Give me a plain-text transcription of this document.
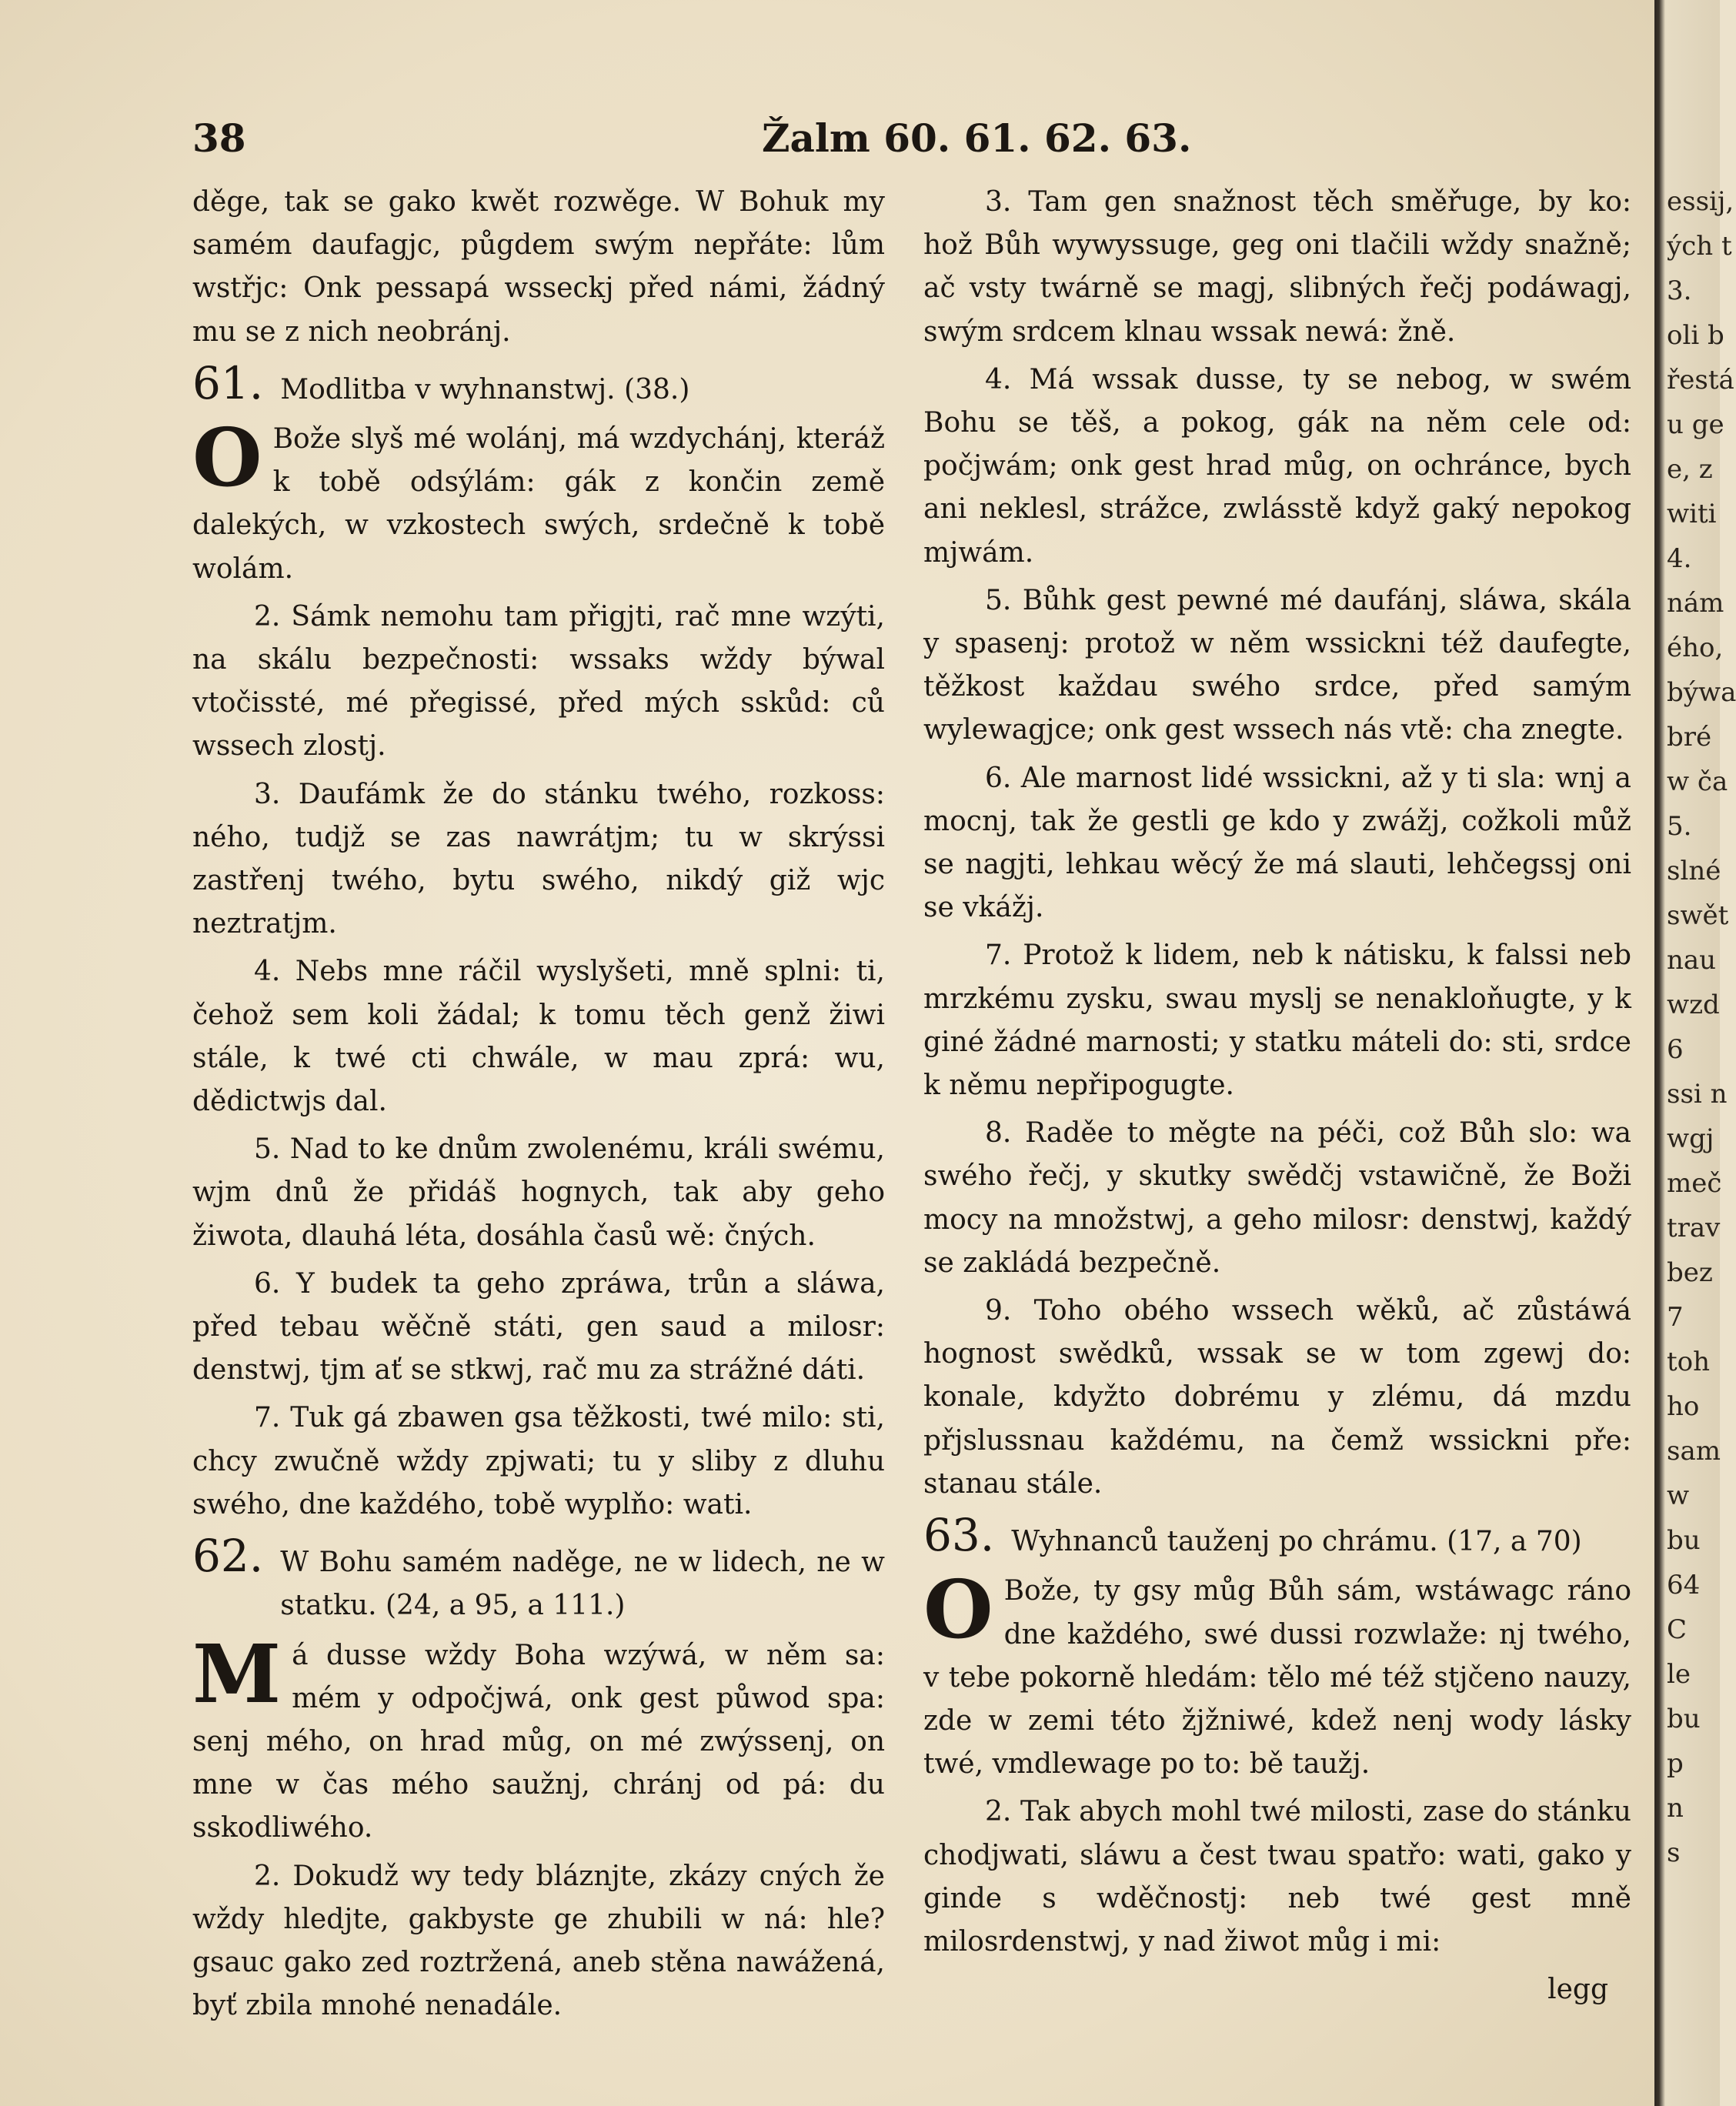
38	Žalm 60. 61. 62. 63.

děge, tak se gako kwět rozwěge. W Bohuk my samém daufagjc, půgdem swým nepřáte: lům wstřjc: Onk pessapá wsseckj před námi, žádný mu se z nich neobránj.

61. Modlitba v wyhnanstwj. (38.)

O Bože slyš mé wolánj, má wzdychánj, kteráž k tobě odsýlám: gák z končin země dalekých, w vzkostech swých, srdečně k tobě wolám.

2. Sámk nemohu tam přigjti, rač mne wzýti, na skálu bezpečnosti: wssaks wždy býwal vtočissté, mé přegissé, před mých sskůd: ců wssech zlostj.

3. Daufámk že do stánku twého, rozkoss: ného, tudjž se zas nawrátjm; tu w skrýssi zastřenj twého, bytu swého, nikdý giž wjc neztratjm.

4. Nebs mne ráčil wyslyšeti, mně splni: ti, čehož sem koli žádal; k tomu těch genž žiwi stále, k twé cti chwále, w mau zprá: wu, dědictwjs dal.

5. Nad to ke dnům zwolenému, králi swému, wjm dnů že přidáš hognych, tak aby geho žiwota, dlauhá léta, dosáhla časů wě: čných.

6. Y budek ta geho zpráwa, trůn a sláwa, před tebau wěčně státi, gen saud a milosr: denstwj, tjm ať se stkwj, rač mu za strážné dáti.

7. Tuk gá zbawen gsa těžkosti, twé milo: sti, chcy zwučně wždy zpjwati; tu y sliby z dluhu swého, dne každého, tobě wyplňo: wati.

62. W Bohu samém naděge, ne w lidech, ne w statku. (24, a 95, a 111.)

M á dusse wždy Boha wzýwá, w něm sa: mém y odpočjwá, onk gest půwod spa: senj mého, on hrad můg, on mé zwýssenj, on mne w čas mého saužnj, chránj od pá: du sskodliwého.

2. Dokudž wy tedy bláznjte, zkázy cných že wždy hledjte, gakbyste ge zhubili w ná: hle? gsauc gako zed roztržená, aneb stěna nawážená, byť zbila mnohé nenadále.

3. Tam gen snažnost těch směřuge, by ko: hož Bůh wywyssuge, geg oni tlačili wždy snažně; ač vsty twárně se magj, slibných řečj podáwagj, swým srdcem klnau wssak newá: žně.

4. Má wssak dusse, ty se nebog, w swém Bohu se těš, a pokog, gák na něm cele od: počjwám; onk gest hrad můg, on ochránce, bych ani neklesl, strážce, zwlásstě když gaký nepokog mjwám.

5. Bůhk gest pewné mé daufánj, sláwa, skála y spasenj: protož w něm wssickni též daufegte, těžkost každau swého srdce, před samým wylewagjce; onk gest wssech nás vtě: cha znegte.

6. Ale marnost lidé wssickni, až y ti sla: wnj a mocnj, tak že gestli ge kdo y zwážj, cožkoli můž se nagjti, lehkau wěcý že má slauti, lehčegssj oni se vkážj.

7. Protož k lidem, neb k nátisku, k falssi neb mrzkému zysku, swau myslj se nenakloňugte, y k giné žádné marnosti; y statku máteli do: sti, srdce k němu nepřipogugte.

8. Raděe to měgte na péči, což Bůh slo: wa swého řečj, y skutky swědčj vstawičně, že Boži mocy na množstwj, a geho milosr: denstwj, každý se zakládá bezpečně.

9. Toho obého wssech wěků, ač zůstáwá hognost swědků, wssak se w tom zgewj do: konale, kdyžto dobrému y zlému, dá mzdu přjslussnau každému, na čemž wssickni pře: stanau stále.

63. Wyhnanců tauženj po chrámu. (17, a 70)

O Bože, ty gsy můg Bůh sám, wstáwagc ráno dne každého, swé dussi rozwlaže: nj twého, v tebe pokorně hledám: tělo mé též stjčeno nauzy, zde w zemi této žjžniwé, kdež nenj wody lásky twé, vmdlewage po to: bě taužj.

2. Tak abych mohl twé milosti, zase do stánku chodjwati, sláwu a čest twau spatřo: wati, gako y ginde s wděčnostj: neb twé gest mně milosrdenstwj, y nad žiwot můg i mi:

legg
essij,
ých t
3.
oli b
řestá
u ge
e, z
witi
4.
nám
ého,
býwa
bré
w ča
5.
slné
swět
nau
wzd
6
ssi n
wgj
meč
trav
bez
7
toh
ho
sam
w
bu
64
C
le
bu
p
n
s
